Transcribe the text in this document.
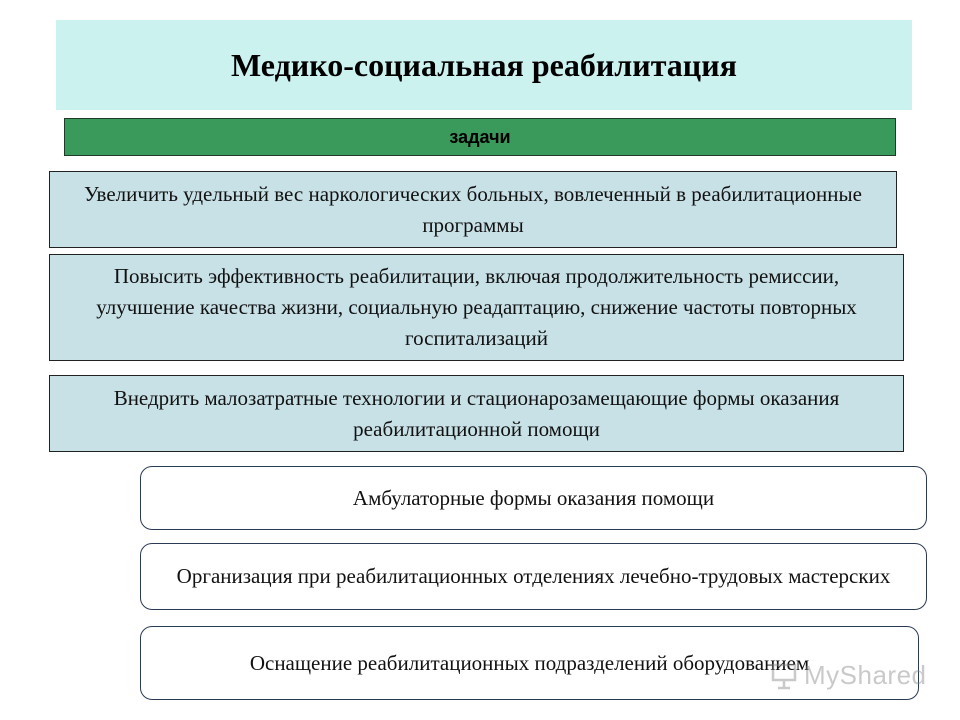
Медико-социальная реабилитация
задачи
Увеличить удельный вес наркологических больных, вовлеченный в реабилитационные программы
Повысить эффективность реабилитации, включая продолжительность ремиссии, улучшение качества жизни, социальную реадаптацию, снижение частоты повторных госпитализаций
Внедрить малозатратные технологии и стационарозамещающие формы оказания реабилитационной помощи
Амбулаторные формы оказания помощи
Организация при реабилитационных отделениях лечебно-трудовых мастерских
Оснащение реабилитационных подразделений оборудованием
MyShared
